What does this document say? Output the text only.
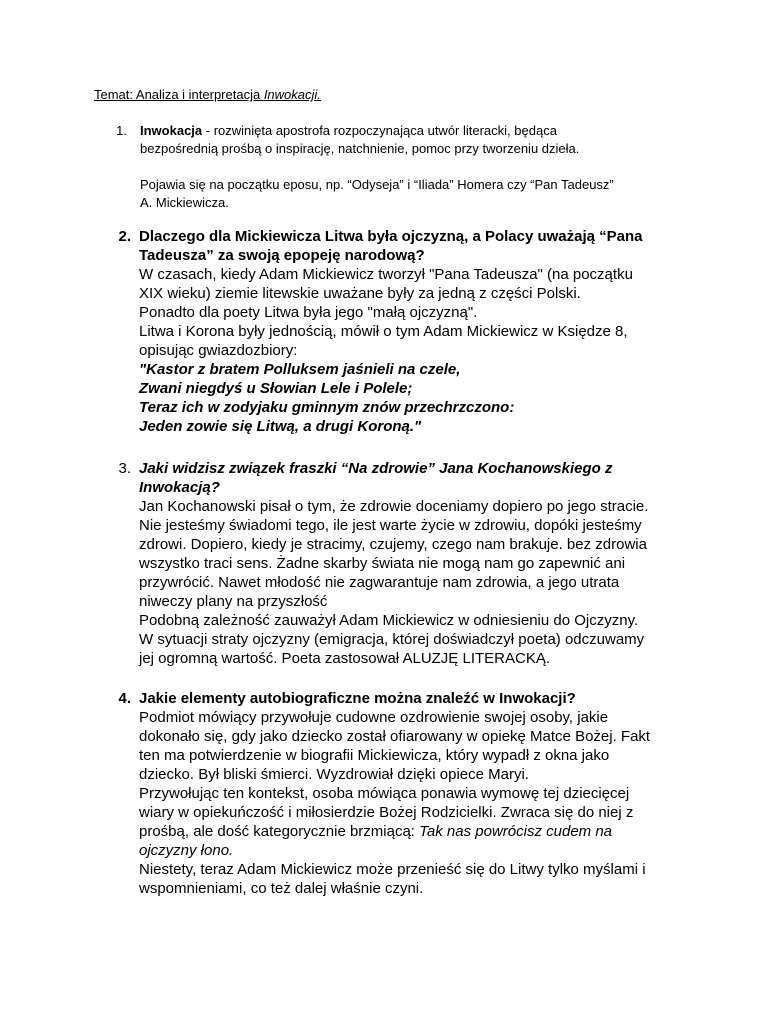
Temat: Analiza i interpretacja Inwokacji.
1. Inwokacja - rozwinięta apostrofa rozpoczynająca utwór literacki, będąca
bezpośrednią prośbą o inspirację, natchnienie, pomoc przy tworzeniu dzieła.
Pojawia się na początku eposu, np. “Odyseja” i “Iliada” Homera czy “Pan Tadeusz”
A. Mickiewicza.
2. Dlaczego dla Mickiewicza Litwa była ojczyzną, a Polacy uważają “Pana
Tadeusza” za swoją epopeję narodową?
W czasach, kiedy Adam Mickiewicz tworzył "Pana Tadeusza" (na początku
XIX wieku) ziemie litewskie uważane były za jedną z części Polski.
Ponadto dla poety Litwa była jego "małą ojczyzną".
Litwa i Korona były jednością, mówił o tym Adam Mickiewicz w Księdze 8,
opisując gwiazdozbiory:
"Kastor z bratem Polluksem jaśnieli na czele,
Zwani niegdyś u Słowian Lele i Polele;
Teraz ich w zodyjaku gminnym znów przechrzczono:
Jeden zowie się Litwą, a drugi Koroną."
3. Jaki widzisz związek fraszki “Na zdrowie” Jana Kochanowskiego z
Inwokacją?
Jan Kochanowski pisał o tym, że zdrowie doceniamy dopiero po jego stracie.
Nie jesteśmy świadomi tego, ile jest warte życie w zdrowiu, dopóki jesteśmy
zdrowi. Dopiero, kiedy je stracimy, czujemy, czego nam brakuje. bez zdrowia
wszystko traci sens. Żadne skarby świata nie mogą nam go zapewnić ani
przywrócić. Nawet młodość nie zagwarantuje nam zdrowia, a jego utrata
niweczy plany na przyszłość
Podobną zależność zauważył Adam Mickiewicz w odniesieniu do Ojczyzny.
W sytuacji straty ojczyzny (emigracja, której doświadczył poeta) odczuwamy
jej ogromną wartość. Poeta zastosował ALUZJĘ LITERACKĄ.
4. Jakie elementy autobiograficzne można znaleźć w Inwokacji?
Podmiot mówiący przywołuje cudowne ozdrowienie swojej osoby, jakie
dokonało się, gdy jako dziecko został ofiarowany w opiekę Matce Bożej. Fakt
ten ma potwierdzenie w biografii Mickiewicza, który wypadł z okna jako
dziecko. Był bliski śmierci. Wyzdrowiał dzięki opiece Maryi.
Przywołując ten kontekst, osoba mówiąca ponawia wymowę tej dziecięcej
wiary w opiekuńczość i miłosierdzie Bożej Rodzicielki. Zwraca się do niej z
prośbą, ale dość kategorycznie brzmiącą: Tak nas powrócisz cudem na
ojczyzny łono.
Niestety, teraz Adam Mickiewicz może przenieść się do Litwy tylko myślami i
wspomnieniami, co też dalej właśnie czyni.
